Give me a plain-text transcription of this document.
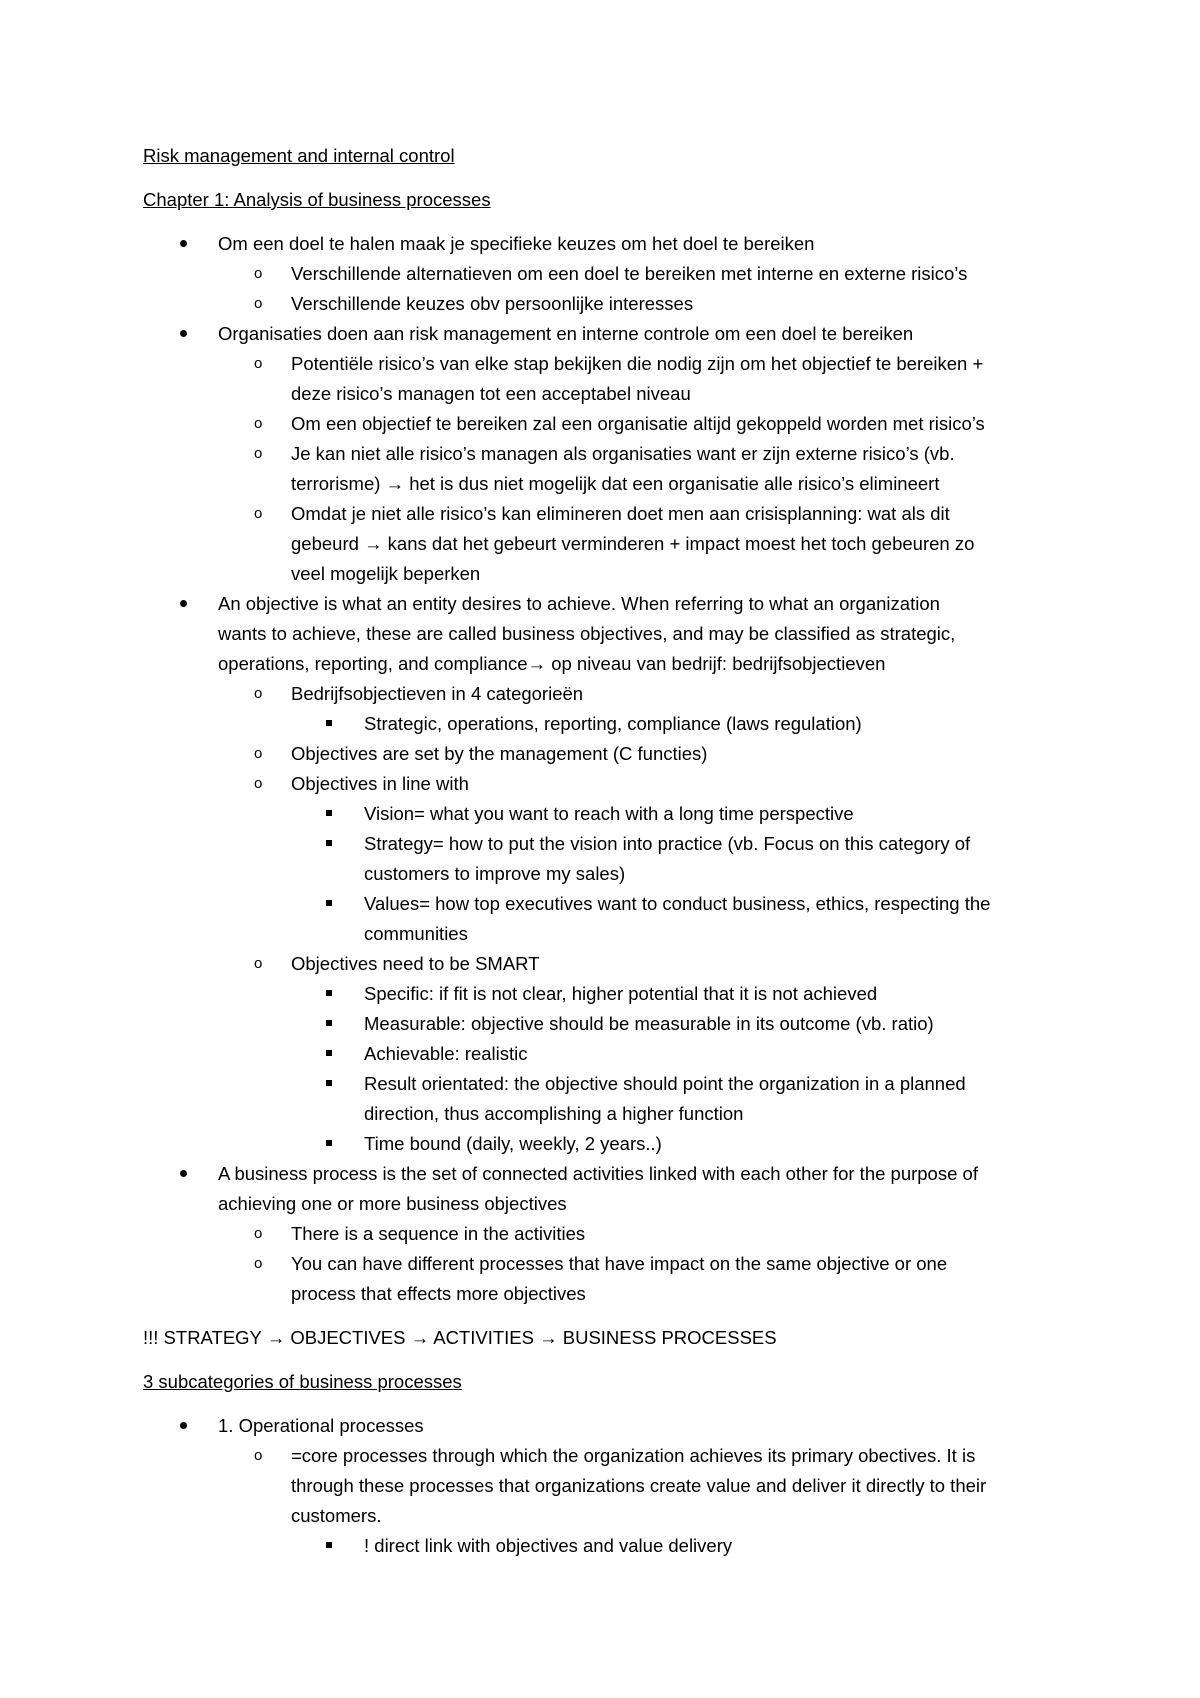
Risk management and internal control

Chapter 1: Analysis of business processes

Om een doel te halen maak je specifieke keuzes om het doel te bereiken
o Verschillende alternatieven om een doel te bereiken met interne en externe risico’s
o Verschillende keuzes obv persoonlijke interesses
Organisaties doen aan risk management en interne controle om een doel te bereiken
o Potentiële risico’s van elke stap bekijken die nodig zijn om het objectief te bereiken +
deze risico’s managen tot een acceptabel niveau
o Om een objectief te bereiken zal een organisatie altijd gekoppeld worden met risico’s
o Je kan niet alle risico’s managen als organisaties want er zijn externe risico’s (vb.
terrorisme) → het is dus niet mogelijk dat een organisatie alle risico’s elimineert
o Omdat je niet alle risico’s kan elimineren doet men aan crisisplanning: wat als dit
gebeurd → kans dat het gebeurt verminderen + impact moest het toch gebeuren zo
veel mogelijk beperken
An objective is what an entity desires to achieve. When referring to what an organization
wants to achieve, these are called business objectives, and may be classified as strategic,
operations, reporting, and compliance→ op niveau van bedrijf: bedrijfsobjectieven
o Bedrijfsobjectieven in 4 categorieën
Strategic, operations, reporting, compliance (laws regulation)
o Objectives are set by the management (C functies)
o Objectives in line with
Vision= what you want to reach with a long time perspective
Strategy= how to put the vision into practice (vb. Focus on this category of
customers to improve my sales)
Values= how top executives want to conduct business, ethics, respecting the
communities
o Objectives need to be SMART
Specific: if fit is not clear, higher potential that it is not achieved
Measurable: objective should be measurable in its outcome (vb. ratio)
Achievable: realistic
Result orientated: the objective should point the organization in a planned
direction, thus accomplishing a higher function
Time bound (daily, weekly, 2 years..)
A business process is the set of connected activities linked with each other for the purpose of
achieving one or more business objectives
o There is a sequence in the activities
o You can have different processes that have impact on the same objective or one
process that effects more objectives

!!! STRATEGY → OBJECTIVES → ACTIVITIES → BUSINESS PROCESSES

3 subcategories of business processes

1. Operational processes
o =core processes through which the organization achieves its primary obectives. It is
through these processes that organizations create value and deliver it directly to their
customers.
! direct link with objectives and value delivery
